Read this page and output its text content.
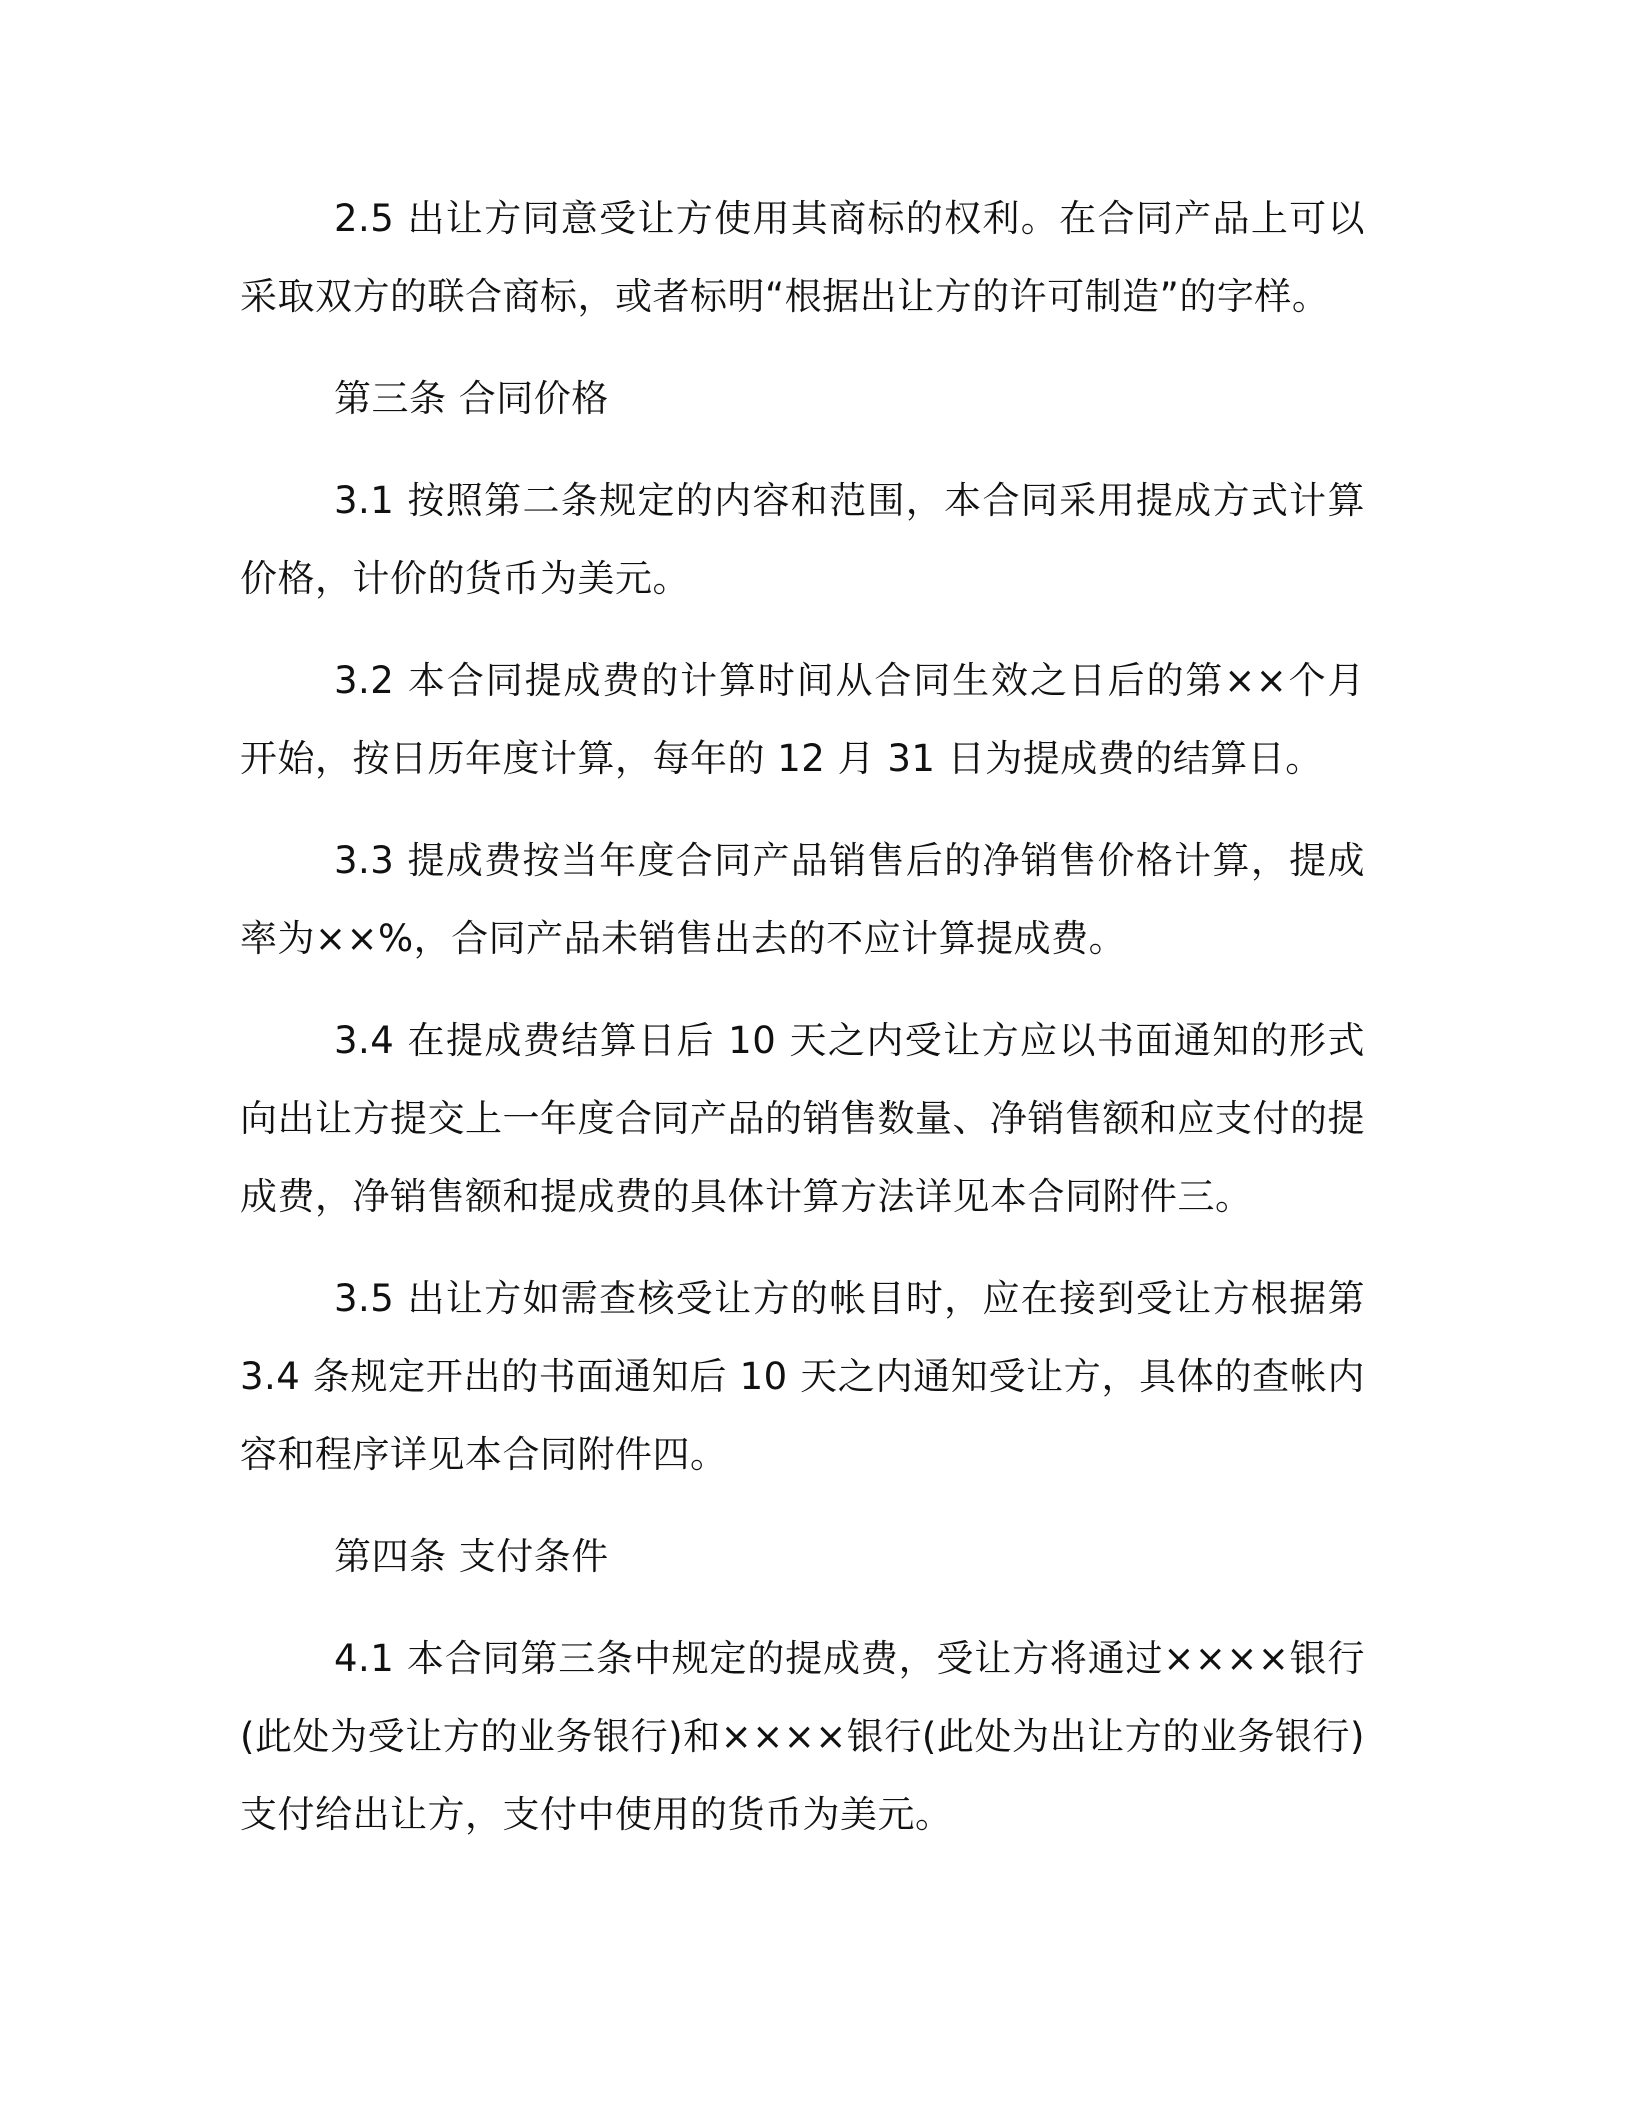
2.5 出让方同意受让方使用其商标的权利。在合同产品上可以采取双方的联合商标，或者标明“根据出让方的许可制造”的字样。

第三条 合同价格

3.1 按照第二条规定的内容和范围，本合同采用提成方式计算价格，计价的货币为美元。

3.2 本合同提成费的计算时间从合同生效之日后的第××个月开始，按日历年度计算，每年的 12 月 31 日为提成费的结算日。

3.3 提成费按当年度合同产品销售后的净销售价格计算，提成率为××%，合同产品未销售出去的不应计算提成费。

3.4 在提成费结算日后 10 天之内受让方应以书面通知的形式向出让方提交上一年度合同产品的销售数量、净销售额和应支付的提成费，净销售额和提成费的具体计算方法详见本合同附件三。

3.5 出让方如需查核受让方的帐目时，应在接到受让方根据第 3.4 条规定开出的书面通知后 10 天之内通知受让方，具体的查帐内容和程序详见本合同附件四。

第四条 支付条件

4.1 本合同第三条中规定的提成费，受让方将通过××××银行(此处为受让方的业务银行)和××××银行(此处为出让方的业务银行)支付给出让方，支付中使用的货币为美元。
